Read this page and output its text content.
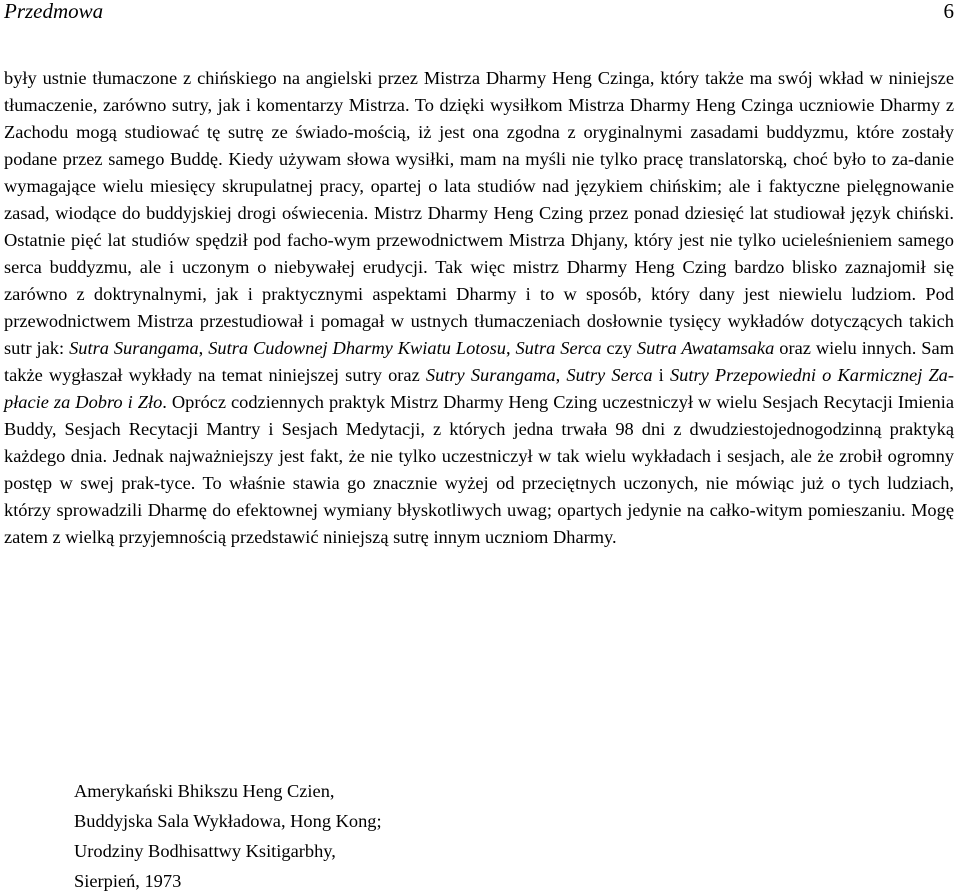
Przedmowa	6

były ustnie tłumaczone z chińskiego na angielski przez Mistrza Dharmy Heng Czinga, który także ma swój wkład w niniejsze tłumaczenie, zarówno sutry, jak i komentarzy Mistrza. To dzięki wysiłkom Mistrza Dharmy Heng Czinga uczniowie Dharmy z Zachodu mogą studiować tę sutrę ze świado-mością, iż jest ona zgodna z oryginalnymi zasadami buddyzmu, które zostały podane przez samego Buddę. Kiedy używam słowa wysiłki, mam na myśli nie tylko pracę translatorską, choć było to za-danie wymagające wielu miesięcy skrupulatnej pracy, opartej o lata studiów nad językiem chińskim; ale i faktyczne pielęgnowanie zasad, wiodące do buddyjskiej drogi oświecenia. Mistrz Dharmy Heng Czing przez ponad dziesięć lat studiował język chiński. Ostatnie pięć lat studiów spędził pod facho-wym przewodnictwem Mistrza Dhjany, który jest nie tylko ucieleśnieniem samego serca buddyzmu, ale i uczonym o niebywałej erudycji. Tak więc mistrz Dharmy Heng Czing bardzo blisko zaznajomił się zarówno z doktrynalnymi, jak i praktycznymi aspektami Dharmy i to w sposób, który dany jest niewielu ludziom. Pod przewodnictwem Mistrza przestudiował i pomagał w ustnych tłumaczeniach dosłownie tysięcy wykładów dotyczących takich sutr jak: Sutra Surangama, Sutra Cudownej Dharmy Kwiatu Lotosu, Sutra Serca czy Sutra Awatamsaka oraz wielu innych. Sam także wygłaszał wykłady na temat niniejszej sutry oraz Sutry Surangama, Sutry Serca i Sutry Przepowiedni o Karmicznej Za-płacie za Dobro i Zło. Oprócz codziennych praktyk Mistrz Dharmy Heng Czing uczestniczył w wielu Sesjach Recytacji Imienia Buddy, Sesjach Recytacji Mantry i Sesjach Medytacji, z których jedna trwała 98 dni z dwudziestojednogodzinną praktyką każdego dnia. Jednak najważniejszy jest fakt, że nie tylko uczestniczył w tak wielu wykładach i sesjach, ale że zrobił ogromny postęp w swej prak-tyce. To właśnie stawia go znacznie wyżej od przeciętnych uczonych, nie mówiąc już o tych ludziach, którzy sprowadzili Dharmę do efektownej wymiany błyskotliwych uwag; opartych jedynie na całko-witym pomieszaniu. Mogę zatem z wielką przyjemnością przedstawić niniejszą sutrę innym uczniom Dharmy.

Amerykański Bhikszu Heng Czien,
Buddyjska Sala Wykładowa, Hong Kong;
Urodziny Bodhisattwy Ksitigarbhy,
Sierpień, 1973
